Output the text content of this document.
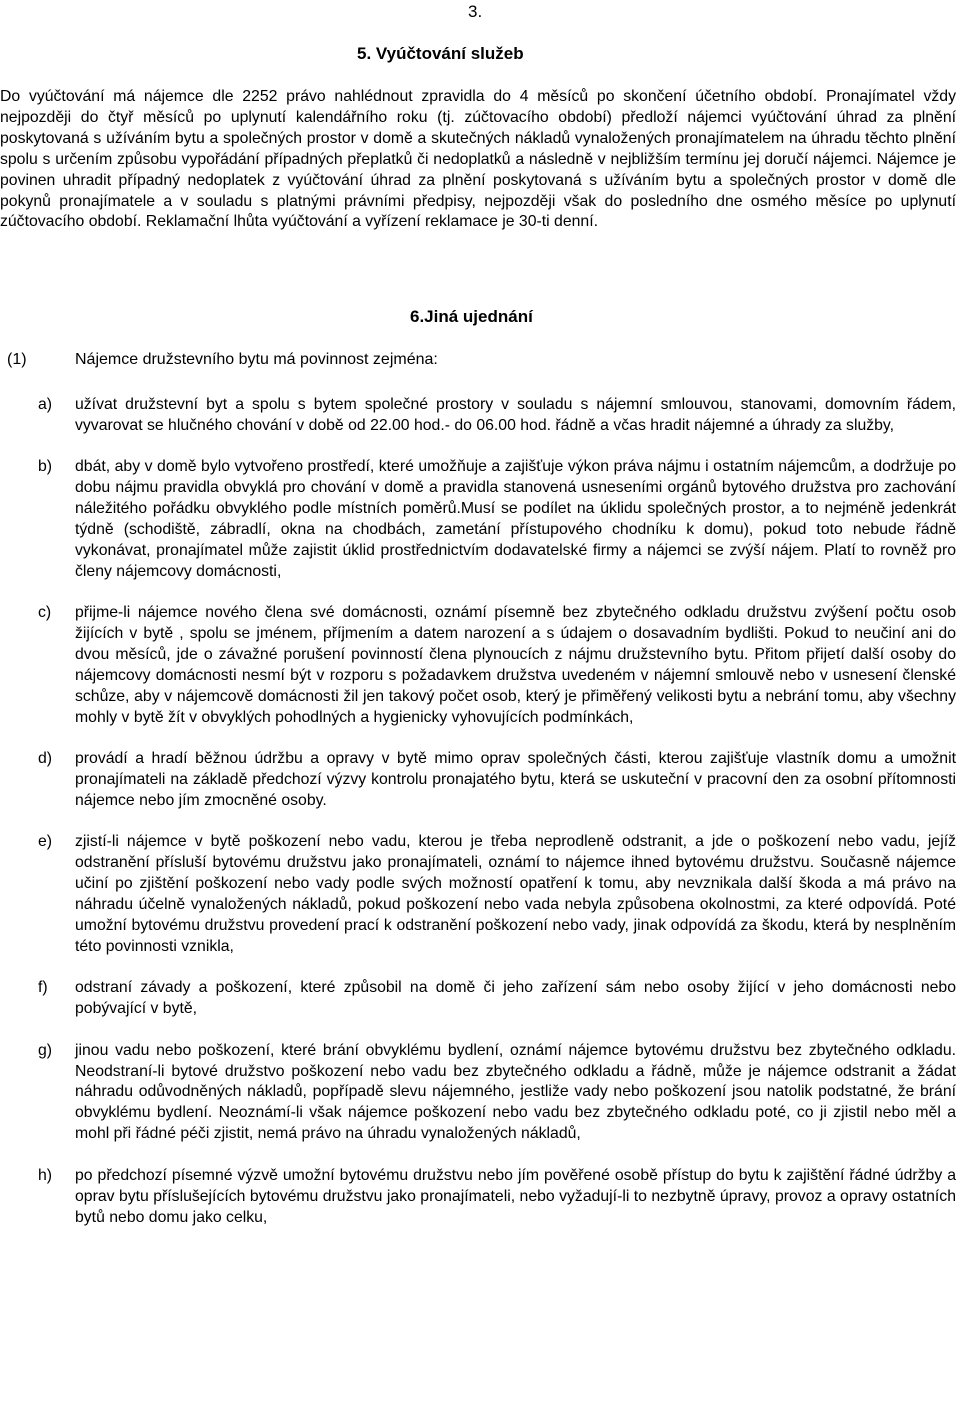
3.
5. Vyúčtování služeb

Do vyúčtování má nájemce dle 2252 právo nahlédnout zpravidla do 4 měsíců po skončení účetního období. Pronajímatel vždy nejpozději do čtyř měsíců po uplynutí kalendářního roku (tj. zúčtovacího období) předloží nájemci vyúčtování úhrad za plnění poskytovaná s užíváním bytu a společných prostor v domě a skutečných nákladů vynaložených pronajímatelem na úhradu těchto plnění spolu s určením způsobu vypořádání případných přeplatků či nedoplatků a následně v nejbližším termínu jej doručí nájemci. Nájemce je povinen uhradit případný nedoplatek z vyúčtování úhrad za plnění poskytovaná s užíváním bytu a společných prostor v domě dle pokynů pronajímatele a v souladu s platnými právními předpisy, nejpozději však do posledního dne osmého měsíce po uplynutí zúčtovacího období. Reklamační lhůta vyúčtování a vyřízení reklamace je 30-ti denní.

6.Jiná ujednání
(1)	Nájemce družstevního bytu má povinnost zejména:
a) užívat družstevní byt a spolu s bytem společné prostory v souladu s nájemní smlouvou, stanovami, domovním řádem, vyvarovat se hlučného chování v době od 22.00 hod.- do 06.00 hod. řádně a včas hradit nájemné a úhrady za služby,
b) dbát, aby v domě bylo vytvořeno prostředí, které umožňuje a zajišťuje výkon práva nájmu i ostatním nájemcům, a dodržuje po dobu nájmu pravidla obvyklá pro chování v domě a pravidla stanovená usneseními orgánů bytového družstva pro zachování náležitého pořádku obvyklého podle místních poměrů.Musí se podílet na úklidu společných prostor, a to nejméně jedenkrát týdně (schodiště, zábradlí, okna na chodbách, zametání přístupového chodníku k domu), pokud toto nebude řádně vykonávat, pronajímatel může zajistit úklid prostřednictvím dodavatelské firmy a nájemci se zvýší nájem. Platí to rovněž pro členy nájemcovy domácnosti,
c) přijme-li nájemce nového člena své domácnosti, oznámí písemně bez zbytečného odkladu družstvu zvýšení počtu osob žijících v bytě , spolu se jménem, příjmením a datem narození a s údajem o dosavadním bydlišti. Pokud to neučiní ani do dvou měsíců, jde o závažné porušení povinností člena plynoucích z nájmu družstevního bytu. Přitom přijetí další osoby do nájemcovy domácnosti nesmí být v rozporu s požadavkem družstva uvedeném v nájemní smlouvě nebo v usnesení členské schůze, aby v nájemcově domácnosti žil jen takový počet osob, který je přiměřený velikosti bytu a nebrání tomu, aby všechny mohly v bytě žít v obvyklých pohodlných a hygienicky vyhovujících podmínkách,
d) provádí a hradí běžnou údržbu a opravy v bytě mimo oprav společných části, kterou zajišťuje vlastník domu a umožnit pronajímateli na základě předchozí výzvy kontrolu pronajatého bytu, která se uskuteční v pracovní den za osobní přítomnosti nájemce nebo jím zmocněné osoby.
e) zjistí-li nájemce v bytě poškození nebo vadu, kterou je třeba neprodleně odstranit, a jde o poškození nebo vadu, jejíž odstranění přísluší bytovému družstvu jako pronajímateli, oznámí to nájemce ihned bytovému družstvu. Současně nájemce učiní po zjištění poškození nebo vady podle svých možností opatření k tomu, aby nevznikala další škoda a má právo na náhradu účelně vynaložených nákladů, pokud poškození nebo vada nebyla způsobena okolnostmi, za které odpovídá. Poté umožní bytovému družstvu provedení prací k odstranění poškození nebo vady, jinak odpovídá za škodu, která by nesplněním této povinnosti vznikla,
f) odstraní závady a poškození, které způsobil na domě či jeho zařízení sám nebo osoby žijící v jeho domácnosti nebo pobývající v bytě,
g) jinou vadu nebo poškození, které brání obvyklému bydlení, oznámí nájemce bytovému družstvu bez zbytečného odkladu. Neodstraní-li bytové družstvo poškození nebo vadu bez zbytečného odkladu a řádně, může je nájemce odstranit a žádat náhradu odůvodněných nákladů, popřípadě slevu nájemného, jestliže vady nebo poškození jsou natolik podstatné, že brání obvyklému bydlení. Neoznámí-li však nájemce poškození nebo vadu bez zbytečného odkladu poté, co ji zjistil nebo měl a mohl při řádné péči zjistit, nemá právo na úhradu vynaložených nákladů,
h) po předchozí písemné výzvě umožní bytovému družstvu nebo jím pověřené osobě přístup do bytu k zajištění řádné údržby a oprav bytu příslušejících bytovému družstvu jako pronajímateli, nebo vyžadují-li to nezbytně úpravy, provoz a opravy ostatních bytů nebo domu jako celku,
